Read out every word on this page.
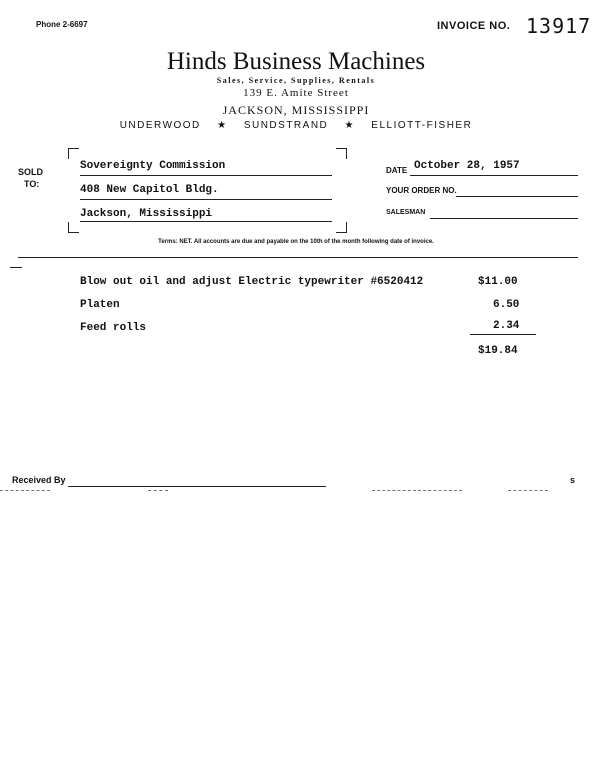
Phone 2-6697	INVOICE NO. 13917
Hinds Business Machines
Sales, Service, Supplies, Rentals
139 E. Amite Street
JACKSON, MISSISSIPPI
UNDERWOOD ★ SUNDSTRAND ★ ELLIOTT-FISHER
SOLD
TO:
Sovereignty Commission
408 New Capitol Bldg.
Jackson, Mississippi
DATE October 28, 1957
YOUR ORDER NO.
SALESMAN
Terms: NET. All accounts are due and payable on the 10th of the month following date of invoice.
Blow out oil and adjust Electric typewriter #6520412	$11.00
Platen	6.50
Feed rolls	2.34
$19.84
Received By	s
